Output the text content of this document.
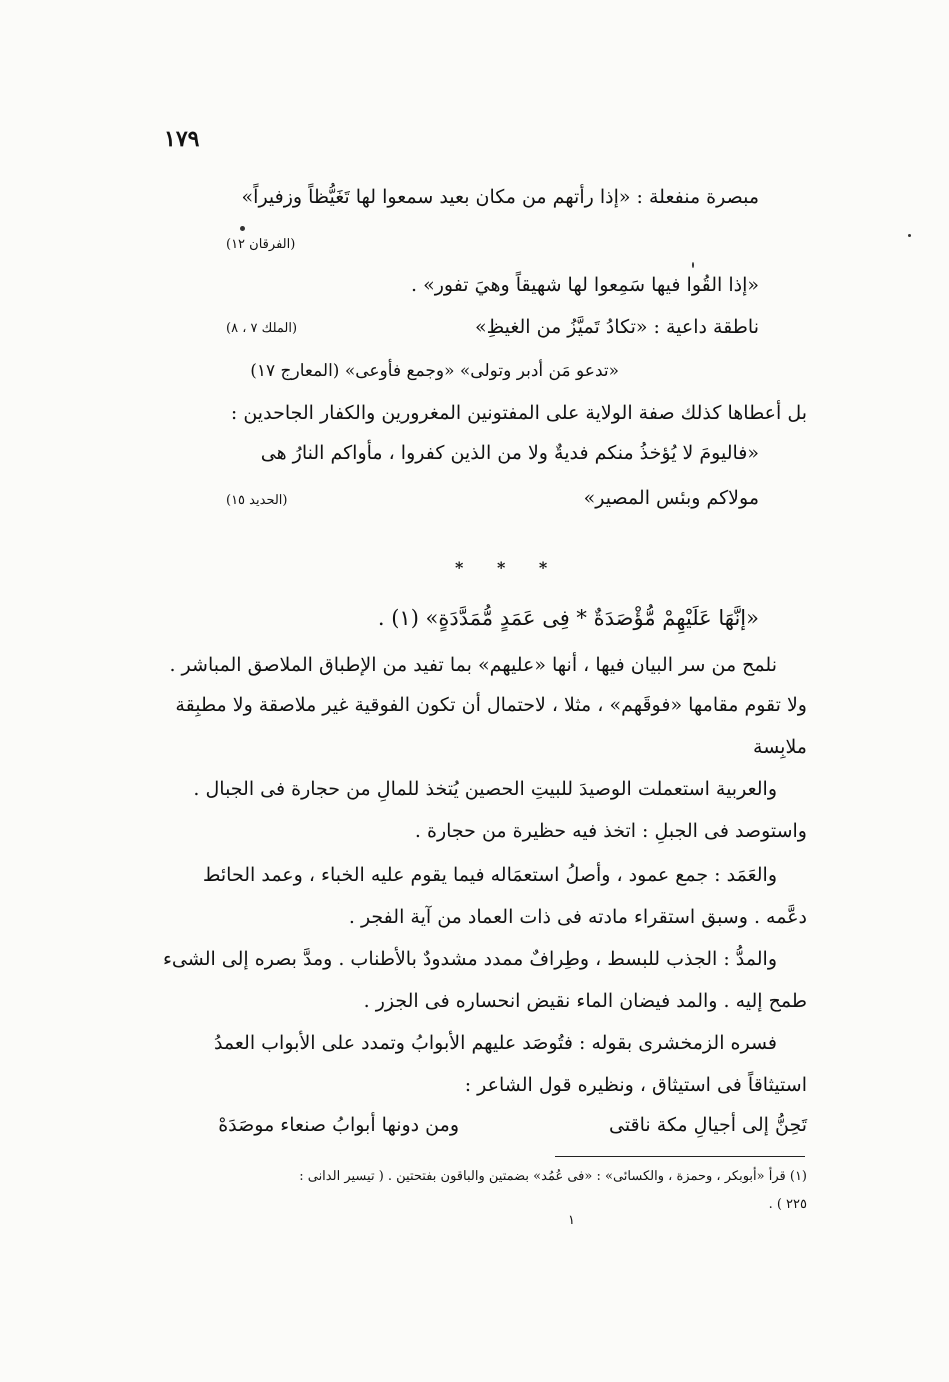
١٧٩
مبصرة منفعلة : «إذا رأتهم من مكان بعيد سمعوا لها تَغَيُّظاً وزفيراً»
(الفرقان ١٢)
«إذا القُوا فيها سَمِعوا لها شهيقاً وهيَ تفور» .
ناطقة داعية : «تكادُ تَميَّزُ من الغيظِ»
(الملك ٧ ، ٨)
«تدعو مَن أدبر وتولى» «وجمع فأوعى» (المعارج ١٧)
بل أعطاها كذلك صفة الولاية على المفتونين المغرورين والكفار الجاحدين :
«فاليومَ لا يُؤخذُ منكم فديةٌ ولا من الذين كفروا ، مأواكم النارُ هى
مولاكم وبئس المصير»
(الحديد ١٥)
* * *
«إنَّهَا عَلَيْهِمْ مُّؤْصَدَةٌ * فِى عَمَدٍ مُّمَدَّدَةٍ» (١) .
نلمح من سر البيان فيها ، أنها «عليهم» بما تفيد من الإطباق الملاصق المباشر .
ولا تقوم مقامها «فوقَهم» ، مثلا ، لاحتمال أن تكون الفوقية غير ملاصقة ولا مطبِقة
ملابِسة
والعربية استعملت الوصيدَ للبيتِ الحصين يُتخذ للمالِ من حجارة فى الجبال .
واستوصد فى الجبلِ : اتخذ فيه حظيرة من حجارة .
والعَمَد : جمع عمود ، وأصلُ استعمَاله فيما يقوم عليه الخباء ، وعمد الحائط
دعَّمه . وسبق استقراء مادته فى ذات العماد من آية الفجر .
والمدُّ : الجذب للبسط ، وطِرافٌ ممدد مشدودٌ بالأطناب . ومدَّ بصره إلى الشىء
طمح إليه . والمد فيضان الماء نقيض انحساره فى الجزر .
فسره الزمخشرى بقوله : فتُوصَد عليهم الأبوابُ وتمدد على الأبواب العمدُ
استيثاقاً فى استيثاق ، ونظيره قول الشاعر :
تَحِنُّ إلى أجيالِ مكة ناقتى
ومن دونها أبوابُ صنعاء موصَدَهْ
(١) قرأ «أبوبكر ، وحمزة ، والكسائى» : «فى عُمُد» بضمتين والباقون بفتحتين . ( تيسير الدانى :
٢٢٥ ) .
١
